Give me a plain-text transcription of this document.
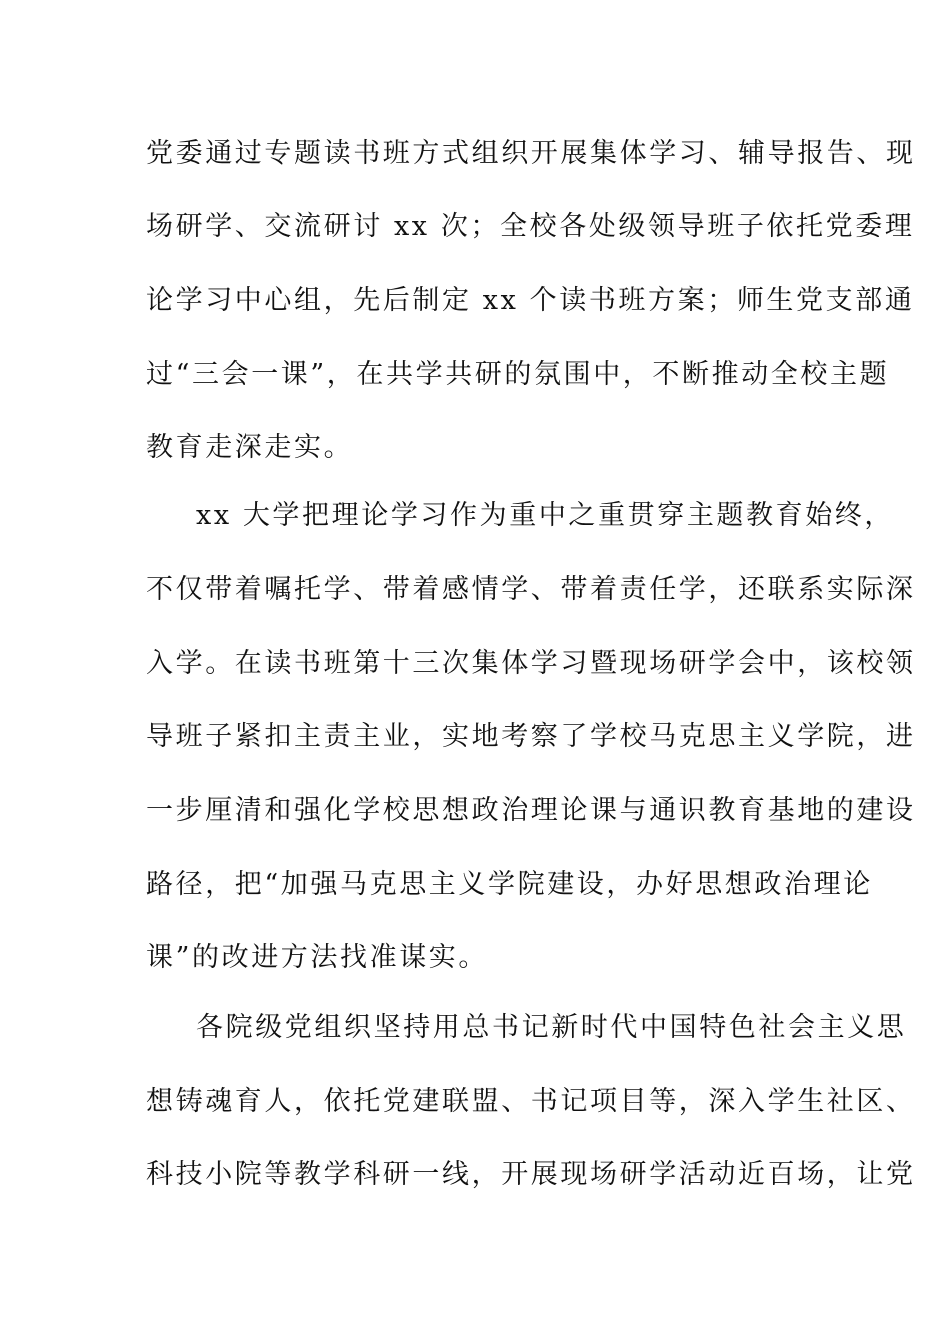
党委通过专题读书班方式组织开展集体学习、辅导报告、现
场研学、交流研讨 xx 次；全校各处级领导班子依托党委理
论学习中心组，先后制定 xx 个读书班方案；师生党支部通
过“三会一课”，在共学共研的氛围中，不断推动全校主题
教育走深走实。
xx 大学把理论学习作为重中之重贯穿主题教育始终，
不仅带着嘱托学、带着感情学、带着责任学，还联系实际深
入学。在读书班第十三次集体学习暨现场研学会中，该校领
导班子紧扣主责主业，实地考察了学校马克思主义学院，进
一步厘清和强化学校思想政治理论课与通识教育基地的建设
路径，把“加强马克思主义学院建设，办好思想政治理论
课”的改进方法找准谋实。
各院级党组织坚持用总书记新时代中国特色社会主义思
想铸魂育人，依托党建联盟、书记项目等，深入学生社区、
科技小院等教学科研一线，开展现场研学活动近百场，让党
